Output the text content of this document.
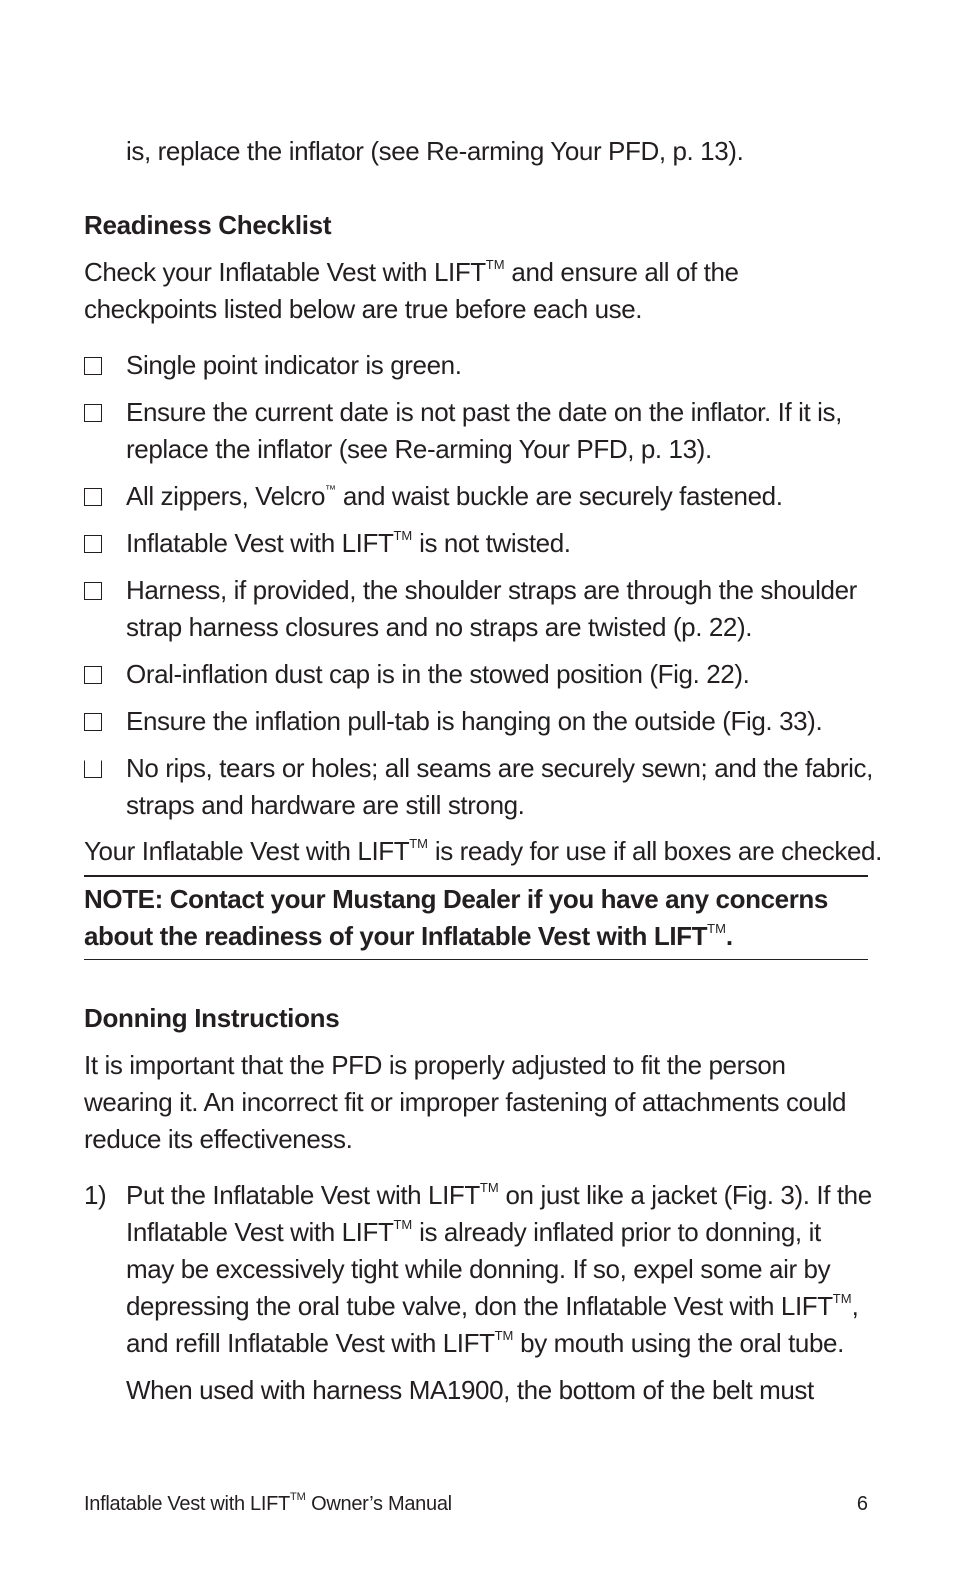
is, replace the inflator (see Re-arming Your PFD, p. 13).

Readiness Checklist

Check your Inflatable Vest with LIFT™ and ensure all of the checkpoints listed below are true before each use.

Single point indicator is green.
Ensure the current date is not past the date on the inflator. If it is, replace the inflator (see Re-arming Your PFD, p. 13).
All zippers, Velcro™ and waist buckle are securely fastened.
Inflatable Vest with LIFT™ is not twisted.
Harness, if provided, the shoulder straps are through the shoulder strap harness closures and no straps are twisted (p. 22).
Oral-inflation dust cap is in the stowed position (Fig. 22).
Ensure the inflation pull-tab is hanging on the outside (Fig. 33).
No rips, tears or holes; all seams are securely sewn; and the fabric, straps and hardware are still strong.

Your Inflatable Vest with LIFT™ is ready for use if all boxes are checked.

NOTE: Contact your Mustang Dealer if you have any concerns about the readiness of your Inflatable Vest with LIFT™.

Donning Instructions

It is important that the PFD is properly adjusted to fit the person wearing it. An incorrect fit or improper fastening of attachments could reduce its effectiveness.

1) Put the Inflatable Vest with LIFT™ on just like a jacket (Fig. 3). If the Inflatable Vest with LIFT™ is already inflated prior to donning, it may be excessively tight while donning. If so, expel some air by depressing the oral tube valve, don the Inflatable Vest with LIFT™, and refill Inflatable Vest with LIFT™ by mouth using the oral tube.
When used with harness MA1900, the bottom of the belt must
Inflatable Vest with LIFT™ Owner’s Manual	6
